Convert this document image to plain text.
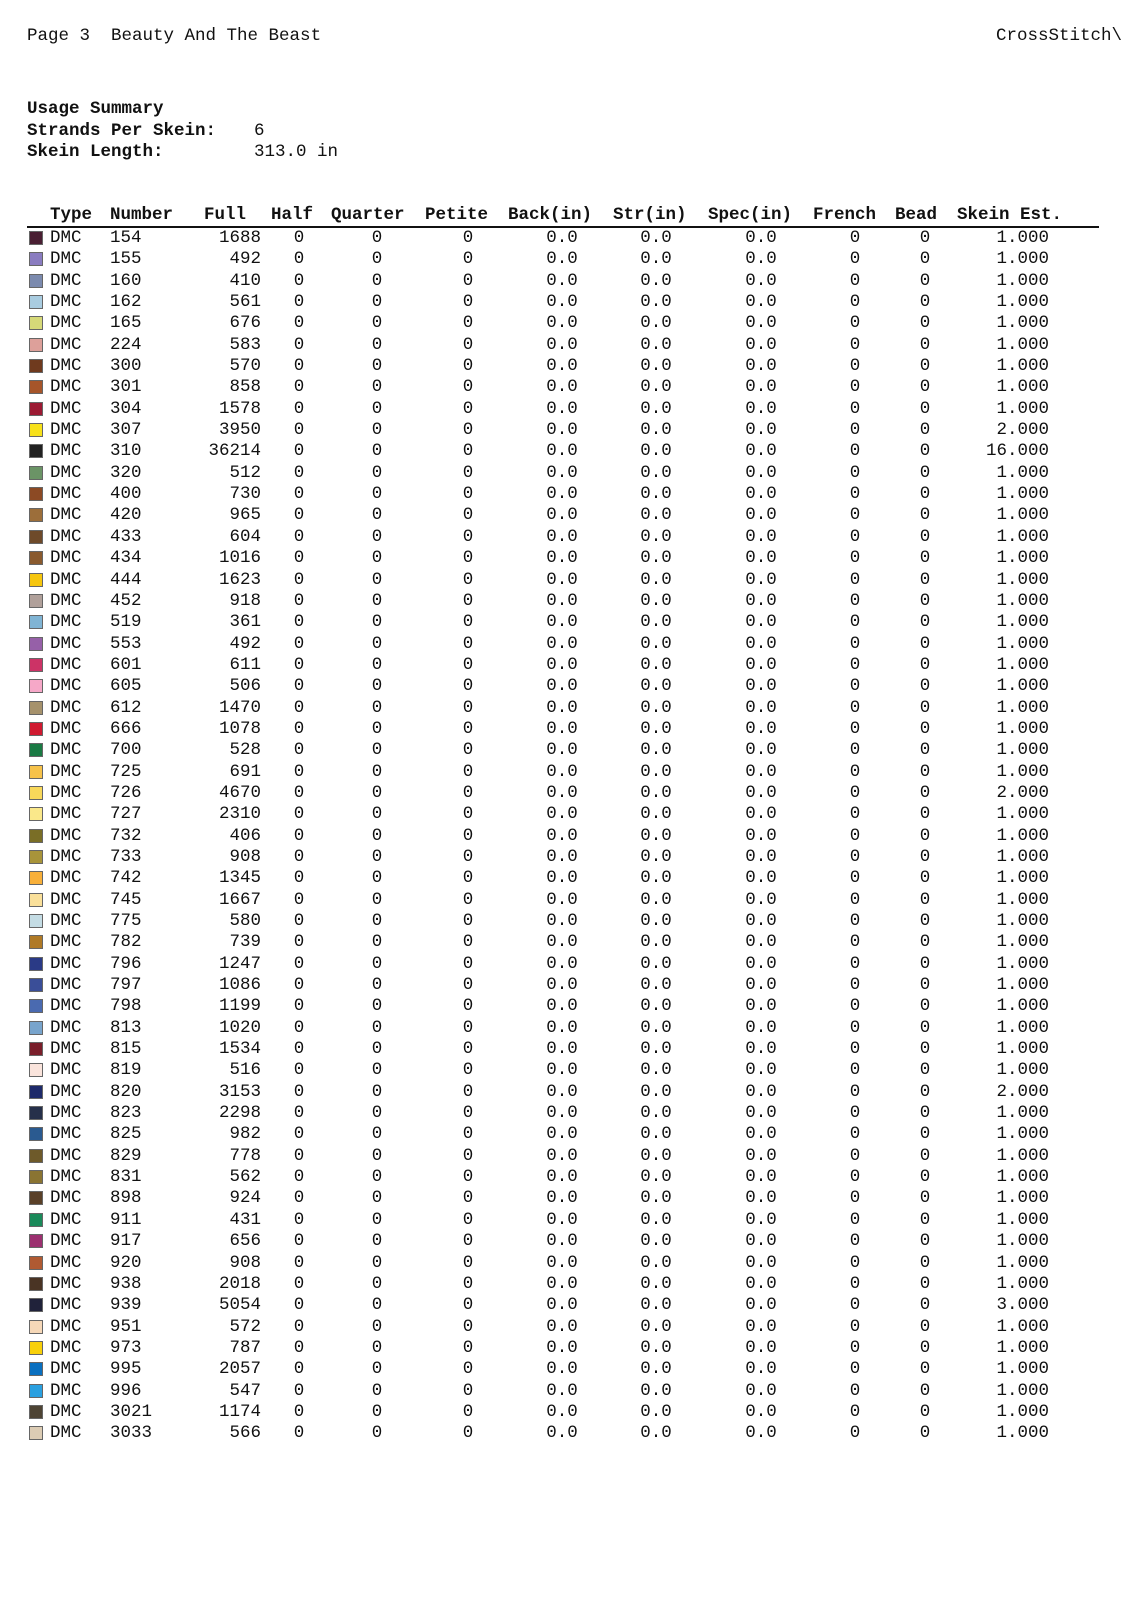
Page 3 Beauty And The Beast	CrossStitch\
Usage Summary
Strands Per Skein: 6
Skein Length:	313.0 in
Type Number Full Half Quarter Petite Back(in) Str(in) Spec(in) French Bead Skein Est.
DMC 154	1688 0	0	0	0.0	0.0	0.0	0	0	1.000
DMC 155	492 0	0	0	0.0	0.0	0.0	0	0	1.000
DMC 160	410 0	0	0	0.0	0.0	0.0	0	0	1.000
DMC 162	561 0	0	0	0.0	0.0	0.0	0	0	1.000
DMC 165	676 0	0	0	0.0	0.0	0.0	0	0	1.000
DMC 224	583 0	0	0	0.0	0.0	0.0	0	0	1.000
DMC 300	570 0	0	0	0.0	0.0	0.0	0	0	1.000
DMC 301	858 0	0	0	0.0	0.0	0.0	0	0	1.000
DMC 304	1578 0	0	0	0.0	0.0	0.0	0	0	1.000
DMC 307	3950 0	0	0	0.0	0.0	0.0	0	0	2.000
DMC 310	36214 0	0	0	0.0	0.0	0.0	0	0	16.000
DMC 320	512 0	0	0	0.0	0.0	0.0	0	0	1.000
DMC 400	730 0	0	0	0.0	0.0	0.0	0	0	1.000
DMC 420	965 0	0	0	0.0	0.0	0.0	0	0	1.000
DMC 433	604 0	0	0	0.0	0.0	0.0	0	0	1.000
DMC 434	1016 0	0	0	0.0	0.0	0.0	0	0	1.000
DMC 444	1623 0	0	0	0.0	0.0	0.0	0	0	1.000
DMC 452	918 0	0	0	0.0	0.0	0.0	0	0	1.000
DMC 519	361 0	0	0	0.0	0.0	0.0	0	0	1.000
DMC 553	492 0	0	0	0.0	0.0	0.0	0	0	1.000
DMC 601	611 0	0	0	0.0	0.0	0.0	0	0	1.000
DMC 605	506 0	0	0	0.0	0.0	0.0	0	0	1.000
DMC 612	1470 0	0	0	0.0	0.0	0.0	0	0	1.000
DMC 666	1078 0	0	0	0.0	0.0	0.0	0	0	1.000
DMC 700	528 0	0	0	0.0	0.0	0.0	0	0	1.000
DMC 725	691 0	0	0	0.0	0.0	0.0	0	0	1.000
DMC 726	4670 0	0	0	0.0	0.0	0.0	0	0	2.000
DMC 727	2310 0	0	0	0.0	0.0	0.0	0	0	1.000
DMC 732	406 0	0	0	0.0	0.0	0.0	0	0	1.000
DMC 733	908 0	0	0	0.0	0.0	0.0	0	0	1.000
DMC 742	1345 0	0	0	0.0	0.0	0.0	0	0	1.000
DMC 745	1667 0	0	0	0.0	0.0	0.0	0	0	1.000
DMC 775	580 0	0	0	0.0	0.0	0.0	0	0	1.000
DMC 782	739 0	0	0	0.0	0.0	0.0	0	0	1.000
DMC 796	1247 0	0	0	0.0	0.0	0.0	0	0	1.000
DMC 797	1086 0	0	0	0.0	0.0	0.0	0	0	1.000
DMC 798	1199 0	0	0	0.0	0.0	0.0	0	0	1.000
DMC 813	1020 0	0	0	0.0	0.0	0.0	0	0	1.000
DMC 815	1534 0	0	0	0.0	0.0	0.0	0	0	1.000
DMC 819	516 0	0	0	0.0	0.0	0.0	0	0	1.000
DMC 820	3153 0	0	0	0.0	0.0	0.0	0	0	2.000
DMC 823	2298 0	0	0	0.0	0.0	0.0	0	0	1.000
DMC 825	982 0	0	0	0.0	0.0	0.0	0	0	1.000
DMC 829	778 0	0	0	0.0	0.0	0.0	0	0	1.000
DMC 831	562 0	0	0	0.0	0.0	0.0	0	0	1.000
DMC 898	924 0	0	0	0.0	0.0	0.0	0	0	1.000
DMC 911	431 0	0	0	0.0	0.0	0.0	0	0	1.000
DMC 917	656 0	0	0	0.0	0.0	0.0	0	0	1.000
DMC 920	908 0	0	0	0.0	0.0	0.0	0	0	1.000
DMC 938	2018 0	0	0	0.0	0.0	0.0	0	0	1.000
DMC 939	5054 0	0	0	0.0	0.0	0.0	0	0	3.000
DMC 951	572 0	0	0	0.0	0.0	0.0	0	0	1.000
DMC 973	787 0	0	0	0.0	0.0	0.0	0	0	1.000
DMC 995	2057 0	0	0	0.0	0.0	0.0	0	0	1.000
DMC 996	547 0	0	0	0.0	0.0	0.0	0	0	1.000
DMC 3021	1174 0	0	0	0.0	0.0	0.0	0	0	1.000
DMC 3033	566 0	0	0	0.0	0.0	0.0	0	0	1.000
